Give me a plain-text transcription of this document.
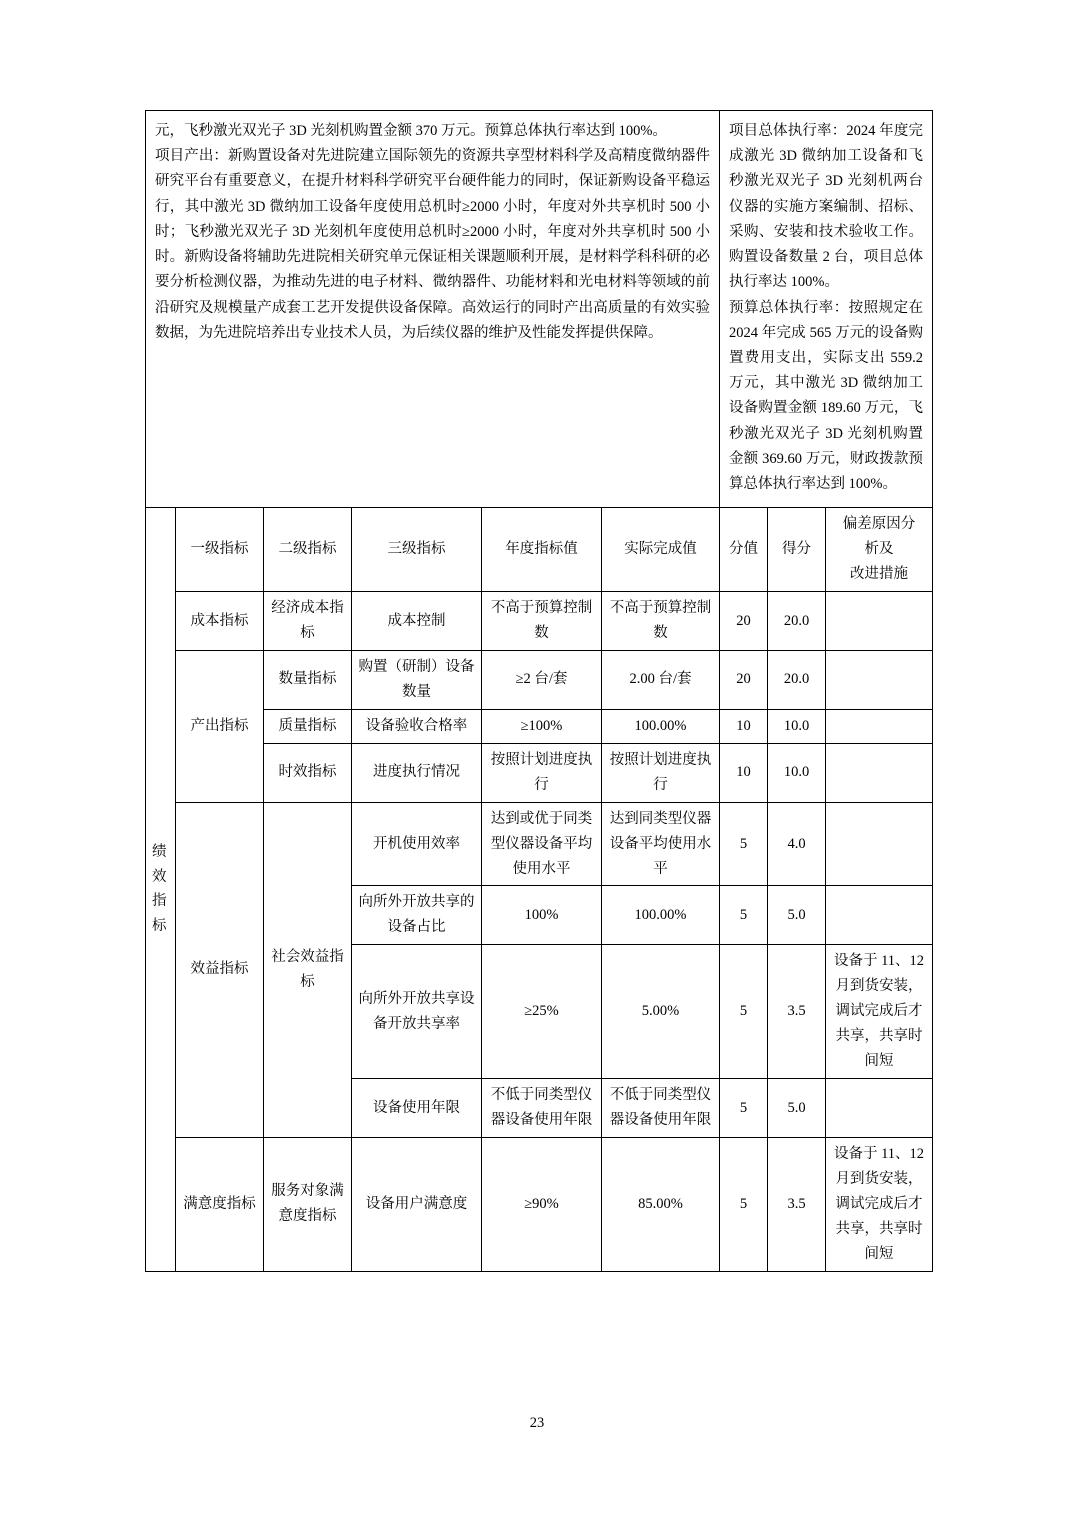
元，飞秒激光双光子 3D 光刻机购置金额 370 万元。预算总体执行率达到 100%。

项目产出：新购置设备对先进院建立国际领先的资源共享型材料科学及高精度微纳器件研究平台有重要意义，在提升材料科学研究平台硬件能力的同时，保证新购设备平稳运行，其中激光 3D 微纳加工设备年度使用总机时≥2000 小时，年度对外共享机时 500 小时；飞秒激光双光子 3D 光刻机年度使用总机时≥2000 小时，年度对外共享机时 500 小时。新购设备将辅助先进院相关研究单元保证相关课题顺利开展，是材料学科科研的必要分析检测仪器，为推动先进的电子材料、微纳器件、功能材料和光电材料等领域的前沿研究及规模量产成套工艺开发提供设备保障。高效运行的同时产出高质量的有效实验数据，为先进院培养出专业技术人员，为后续仪器的维护及性能发挥提供保障。

项目总体执行率：2024 年度完成激光 3D 微纳加工设备和飞秒激光双光子 3D 光刻机两台仪器的实施方案编制、招标、采购、安装和技术验收工作。购置设备数量 2 台，项目总体执行率达 100%。

预算总体执行率：按照规定在 2024 年完成 565 万元的设备购置费用支出，实际支出 559.2 万元，其中激光 3D 微纳加工设备购置金额 189.60 万元，飞秒激光双光子 3D 光刻机购置金额 369.60 万元，财政拨款预算总体执行率达到 100%。

绩效指标	一级指标	二级指标	三级指标	年度指标值	实际完成值	分值	得分	偏差原因分
析及
改进措施

	成本指标	经济成本指标	成本控制	不高于预算控制数	不高于预算控制数	20	20.0	
	产出指标	数量指标	购置（研制）设备数量	≥2 台/套	2.00 台/套	20	20.0	
		质量指标	设备验收合格率	≥100%	100.00%	10	10.0	
		时效指标	进度执行情况	按照计划进度执行	按照计划进度执行	10	10.0	
	效益指标	社会效益指标	开机使用效率	达到或优于同类型仪器设备平均使用水平	达到同类型仪器设备平均使用水平	5	4.0	
			向所外开放共享的设备占比	100%	100.00%	5	5.0	
			向所外开放共享设备开放共享率	≥25%	5.00%	5	3.5	设备于 11、12 月到货安装，调试完成后才共享，共享时间短
			设备使用年限	不低于同类型仪器设备使用年限	不低于同类型仪器设备使用年限	5	5.0	
	满意度指标	服务对象满意度指标	设备用户满意度	≥90%	85.00%	5	3.5	设备于 11、12 月到货安装，调试完成后才共享，共享时间短
23
